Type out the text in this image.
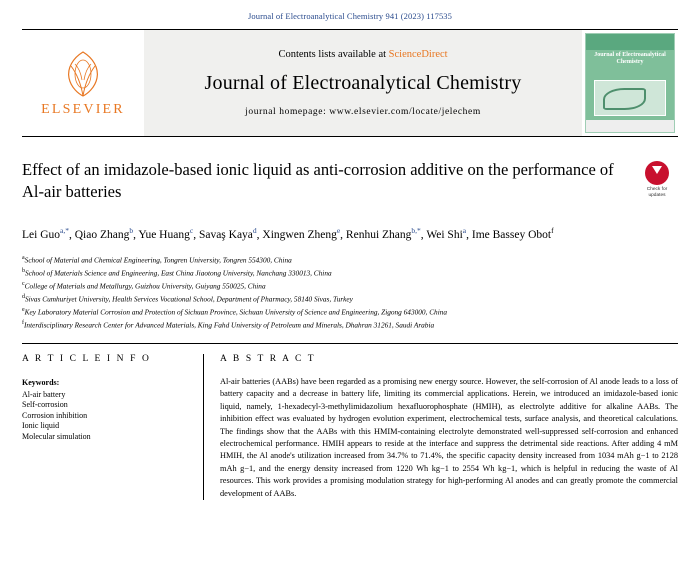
Journal of Electroanalytical Chemistry 941 (2023) 117535
ELSEVIER
Contents lists available at ScienceDirect
Journal of Electroanalytical Chemistry
journal homepage: www.elsevier.com/locate/jelechem
Journal of Electroanalytical Chemistry
Effect of an imidazole-based ionic liquid as anti-corrosion additive on the performance of Al-air batteries	Check for
updates
Lei Guo$^{a,*}$, Qiao Zhang$^b$, Yue Huang$^c$, Savaş Kaya$^d$, Xingwen Zheng$^e$, Renhui Zhang$^{b,*}$, Wei Shi$^a$, Ime Bassey Obot$^f$
$^a$School of Material and Chemical Engineering, Tongren University, Tongren 554300, China
$^b$School of Materials Science and Engineering, East China Jiaotong University, Nanchang 330013, China
$^c$College of Materials and Metallurgy, Guizhou University, Guiyang 550025, China
$^d$Sivas Cumhuriyet University, Health Services Vocational School, Department of Pharmacy, 58140 Sivas, Turkey
$^e$Key Laboratory Material Corrosion and Protection of Sichuan Province, Sichuan University of Science and Engineering, Zigong 643000, China
$^f$Interdisciplinary Research Center for Advanced Materials, King Fahd University of Petroleum and Minerals, Dhahran 31261, Saudi Arabia
A R T I C L E I N F O
Keywords:
Al-air battery
Self-corrosion
Corrosion inhibition
Ionic liquid
Molecular simulation
A B S T R A C T
Al-air batteries (AABs) have been regarded as a promising new energy source. However, the self-corrosion of Al anode leads to a loss of battery capacity and a decrease in battery life, limiting its commercial applications. Herein, we introduced an imidazole-based ionic liquid, namely, 1-hexadecyl-3-methylimidazolium hexafluorophosphate (HMIH), as electrolyte additive for alkaline AABs. The inhibition effect was evaluated by hydrogen evolution experiment, electrochemical tests, surface analysis, and theoretical calculations. The findings show that the AABs with this HMIM-containing electrolyte demonstrated well-suppressed self-corrosion and enhanced electrochemical performance. HMIH appears to reside at the interface and suppress the detrimental side reactions. After adding 4 mM HMIH, the Al anode's utilization increased from 34.7% to 71.4%, the specific capacity density increased from 1034 mAh g−1 to 2128 mAh g−1, and the energy density increased from 1220 Wh kg−1 to 2554 Wh kg−1, which is helpful in reducing the waste of Al resources. This work provides a promising modulation strategy for high-performing Al anodes and can greatly promote the commercial development of AABs.
